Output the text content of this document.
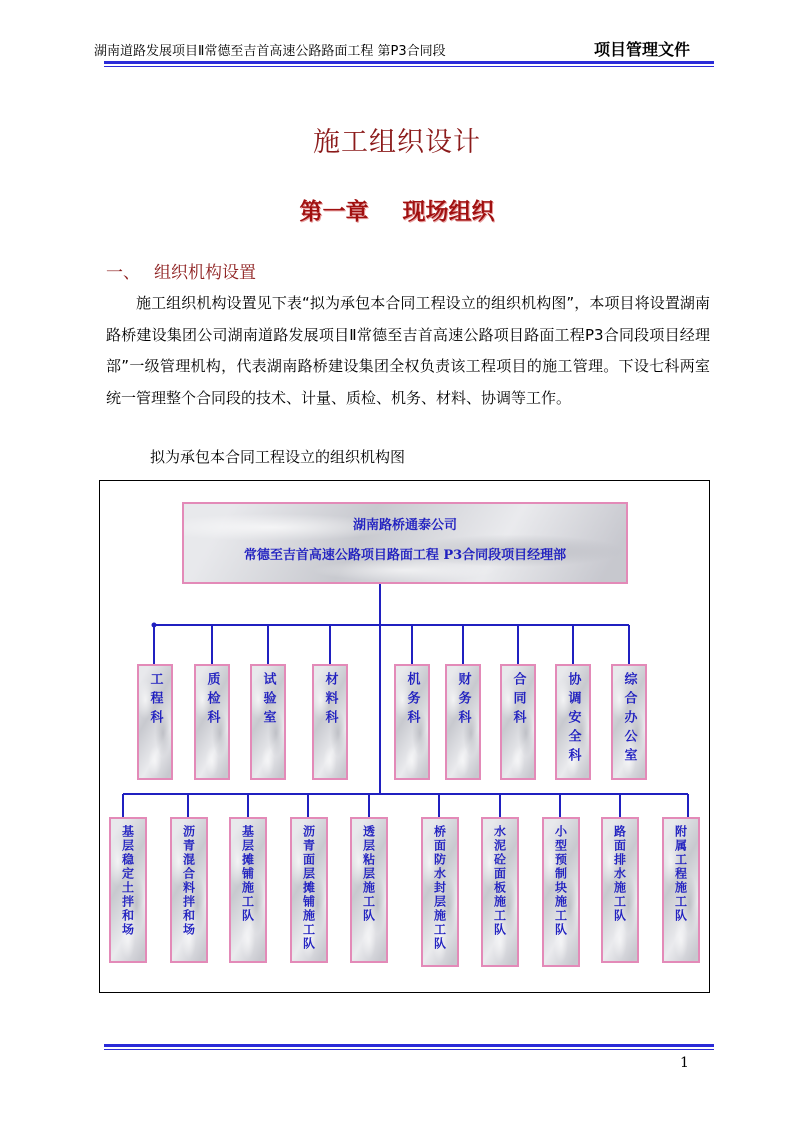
湖南道路发展项目Ⅱ常德至吉首高速公路路面工程 第P3合同段	项目管理文件
施工组织设计
第一章 现场组织
一、 组织机构设置
施工组织机构设置见下表“拟为承包本合同工程设立的组织机构图”，本项目将设置湖南路桥建设集团公司湖南道路发展项目Ⅱ常德至吉首高速公路项目路面工程P3合同段项目经理部”一级管理机构，代表湖南路桥建设集团全权负责该工程项目的施工管理。下设七科两室统一管理整个合同段的技术、计量、质检、机务、材料、协调等工作。
拟为承包本合同工程设立的组织机构图
湖南路桥通泰公司
常德至吉首高速公路项目路面工程 P3合同段项目经理部
工程科	质检科	试验室	材料科	机务科	财务科	合同科	协调安全科	综合办公室
基层稳定土拌和场	沥青混合料拌和场	基层摊铺施工队	沥青面层摊铺施工队	透层粘层施工队	桥面防水封层施工队	水泥砼面板施工队	小型预制块施工队	路面排水施工队	附属工程施工队
1
